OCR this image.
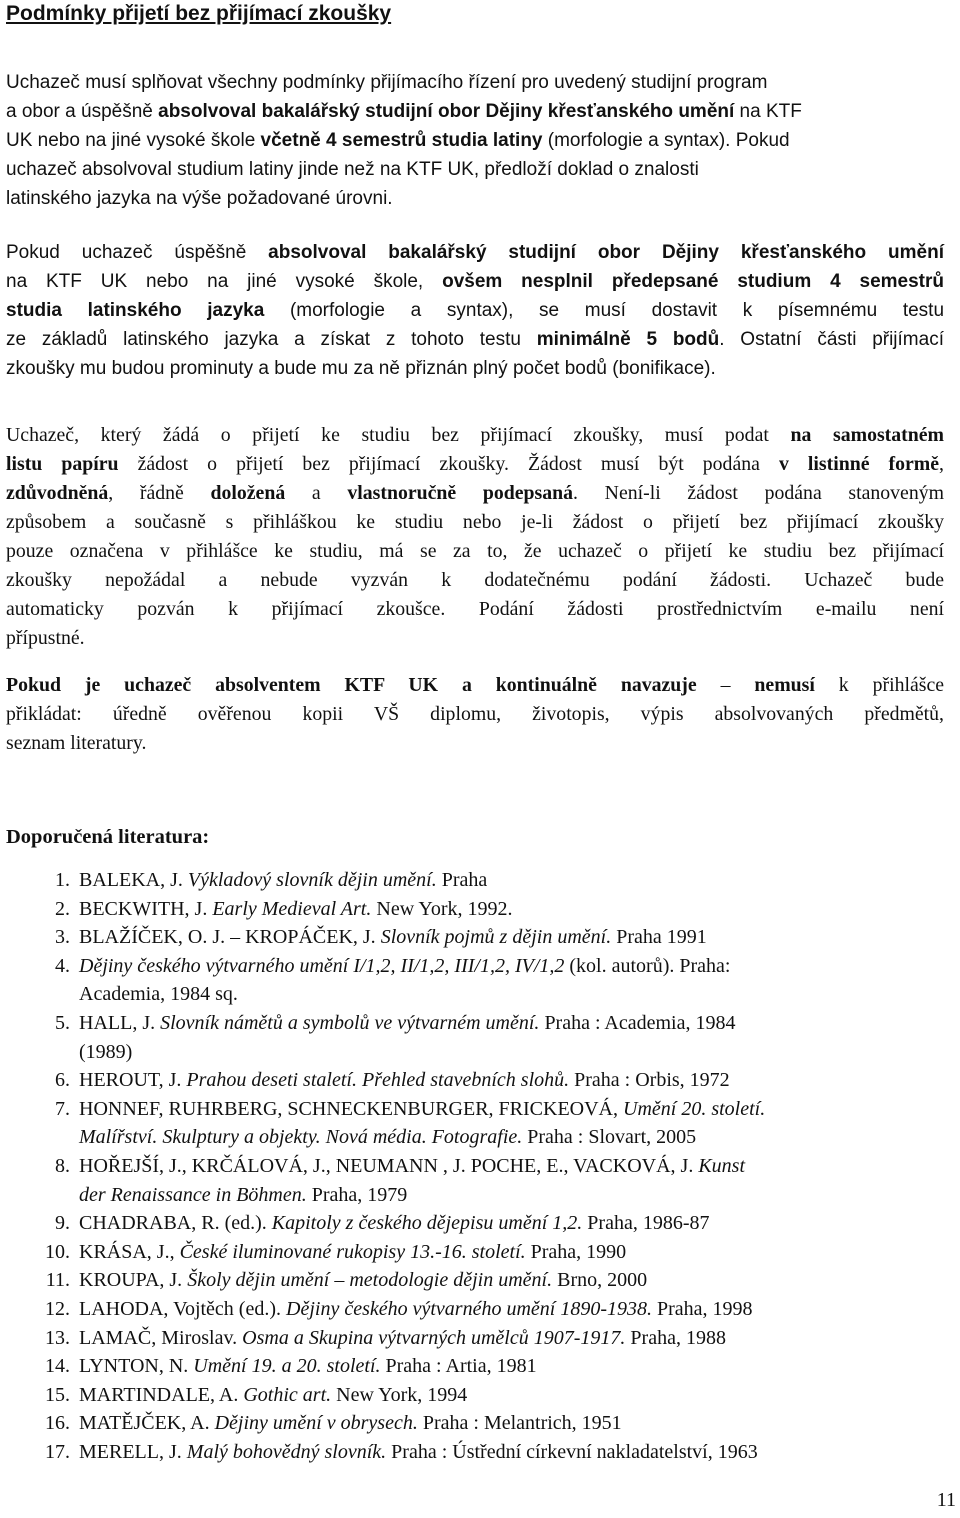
Podmínky přijetí bez přijímací zkoušky
Uchazeč musí splňovat všechny podmínky přijímacího řízení pro uvedený studijní program
a obor a úspěšně absolvoval bakalářský studijní obor Dějiny křesťanského umění na KTF
UK nebo na jiné vysoké škole včetně 4 semestrů studia latiny (morfologie a syntax). Pokud
uchazeč absolvoval studium latiny jinde než na KTF UK, předloží doklad o znalosti
latinského jazyka na výše požadované úrovni.
Pokud uchazeč úspěšně absolvoval bakalářský studijní obor Dějiny křesťanského umění
na KTF UK nebo na jiné vysoké škole, ovšem nesplnil předepsané studium 4 semestrů
studia latinského jazyka (morfologie a syntax), se musí dostavit k písemnému testu
ze základů latinského jazyka a získat z tohoto testu minimálně 5 bodů. Ostatní části přijímací
zkoušky mu budou prominuty a bude mu za ně přiznán plný počet bodů (bonifikace).
Uchazeč, který žádá o přijetí ke studiu bez přijímací zkoušky, musí podat na samostatném
listu papíru žádost o přijetí bez přijímací zkoušky. Žádost musí být podána v listinné formě,
zdůvodněná, řádně doložená a vlastnoručně podepsaná. Není-li žádost podána stanoveným
způsobem a současně s přihláškou ke studiu nebo je-li žádost o přijetí bez přijímací zkoušky
pouze označena v přihlášce ke studiu, má se za to, že uchazeč o přijetí ke studiu bez přijímací
zkoušky nepožádal a nebude vyzván k dodatečnému podání žádosti. Uchazeč bude
automaticky pozván k přijímací zkoušce. Podání žádosti prostřednictvím e-mailu není
přípustné.
Pokud je uchazeč absolventem KTF UK a kontinuálně navazuje – nemusí k přihlášce
přikládat: úředně ověřenou kopii VŠ diplomu, životopis, výpis absolvovaných předmětů,
seznam literatury.
Doporučená literatura:
1. BALEKA, J. Výkladový slovník dějin umění. Praha
2. BECKWITH, J. Early Medieval Art. New York, 1992.
3. BLAŽÍČEK, O. J. – KROPÁČEK, J. Slovník pojmů z dějin umění. Praha 1991
4. Dějiny českého výtvarného umění I/1,2, II/1,2, III/1,2, IV/1,2 (kol. autorů). Praha:
Academia, 1984 sq.
5. HALL, J. Slovník námětů a symbolů ve výtvarném umění. Praha : Academia, 1984
(1989)
6. HEROUT, J. Prahou deseti staletí. Přehled stavebních slohů. Praha : Orbis, 1972
7. HONNEF, RUHRBERG, SCHNECKENBURGER, FRICKEOVÁ, Umění 20. století.
Malířství. Skulptury a objekty. Nová média. Fotografie. Praha : Slovart, 2005
8. HOŘEJŠÍ, J., KRČÁLOVÁ, J., NEUMANN , J. POCHE, E., VACKOVÁ, J. Kunst
der Renaissance in Böhmen. Praha, 1979
9. CHADRABA, R. (ed.). Kapitoly z českého dějepisu umění 1,2. Praha, 1986-87
10. KRÁSA, J., České iluminované rukopisy 13.-16. století. Praha, 1990
11. KROUPA, J. Školy dějin umění – metodologie dějin umění. Brno, 2000
12. LAHODA, Vojtěch (ed.). Dějiny českého výtvarného umění 1890-1938. Praha, 1998
13. LAMAČ, Miroslav. Osma a Skupina výtvarných umělců 1907-1917. Praha, 1988
14. LYNTON, N. Umění 19. a 20. století. Praha : Artia, 1981
15. MARTINDALE, A. Gothic art. New York, 1994
16. MATĚJČEK, A. Dějiny umění v obrysech. Praha : Melantrich, 1951
17. MERELL, J. Malý bohovědný slovník. Praha : Ústřední církevní nakladatelství, 1963
11
